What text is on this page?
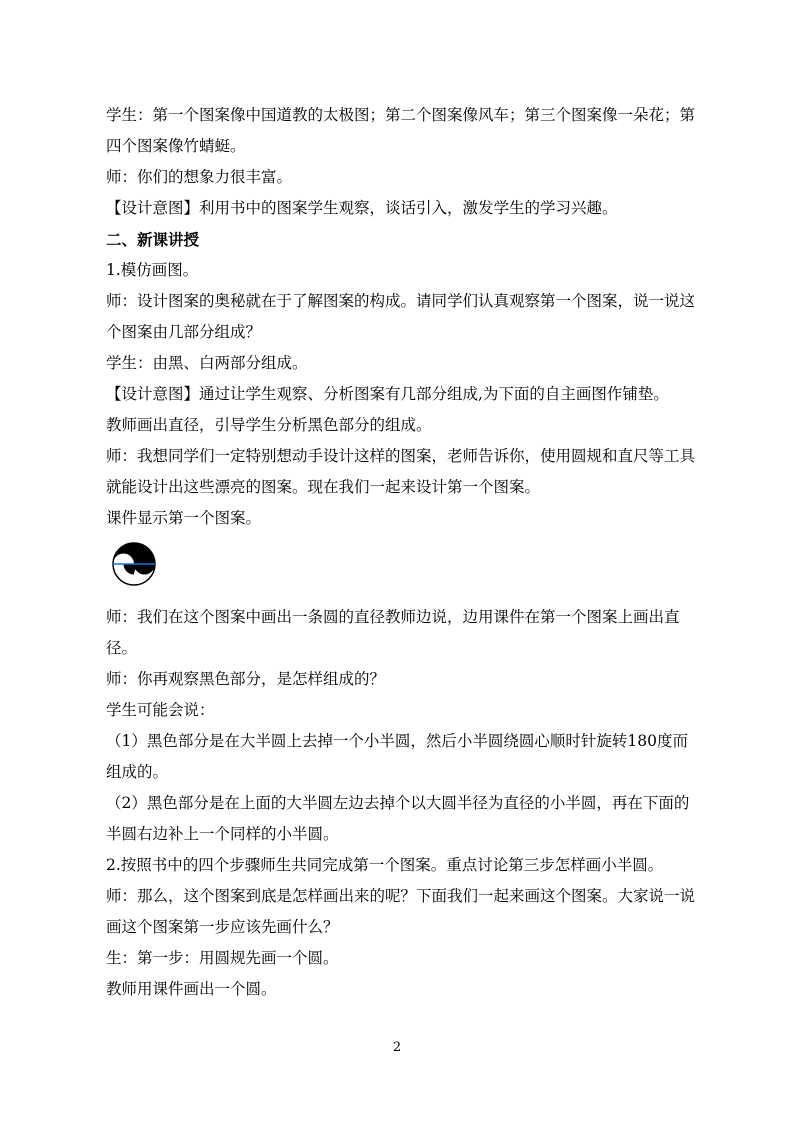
学生：第一个图案像中国道教的太极图；第二个图案像风车；第三个图案像一朵花；第四个图案像竹蜻蜓。

师：你们的想象力很丰富。

【设计意图】利用书中的图案学生观察，谈话引入，激发学生的学习兴趣。

二、新课讲授

1.模仿画图。

师：设计图案的奥秘就在于了解图案的构成。请同学们认真观察第一个图案，说一说这个图案由几部分组成？

学生：由黑、白两部分组成。

【设计意图】通过让学生观察、分析图案有几部分组成,为下面的自主画图作铺垫。

教师画出直径，引导学生分析黑色部分的组成。

师：我想同学们一定特别想动手设计这样的图案，老师告诉你，使用圆规和直尺等工具就能设计出这些漂亮的图案。现在我们一起来设计第一个图案。

课件显示第一个图案。

师：我们在这个图案中画出一条圆的直径教师边说，边用课件在第一个图案上画出直径。

师：你再观察黑色部分，是怎样组成的？

学生可能会说：

（1）黑色部分是在大半圆上去掉一个小半圆，然后小半圆绕圆心顺时针旋转180度而组成的。

（2）黑色部分是在上面的大半圆左边去掉个以大圆半径为直径的小半圆，再在下面的半圆右边补上一个同样的小半圆。

2.按照书中的四个步骤师生共同完成第一个图案。重点讨论第三步怎样画小半圆。

师：那么，这个图案到底是怎样画出来的呢？下面我们一起来画这个图案。大家说一说画这个图案第一步应该先画什么？

生：第一步：用圆规先画一个圆。

教师用课件画出一个圆。

2
